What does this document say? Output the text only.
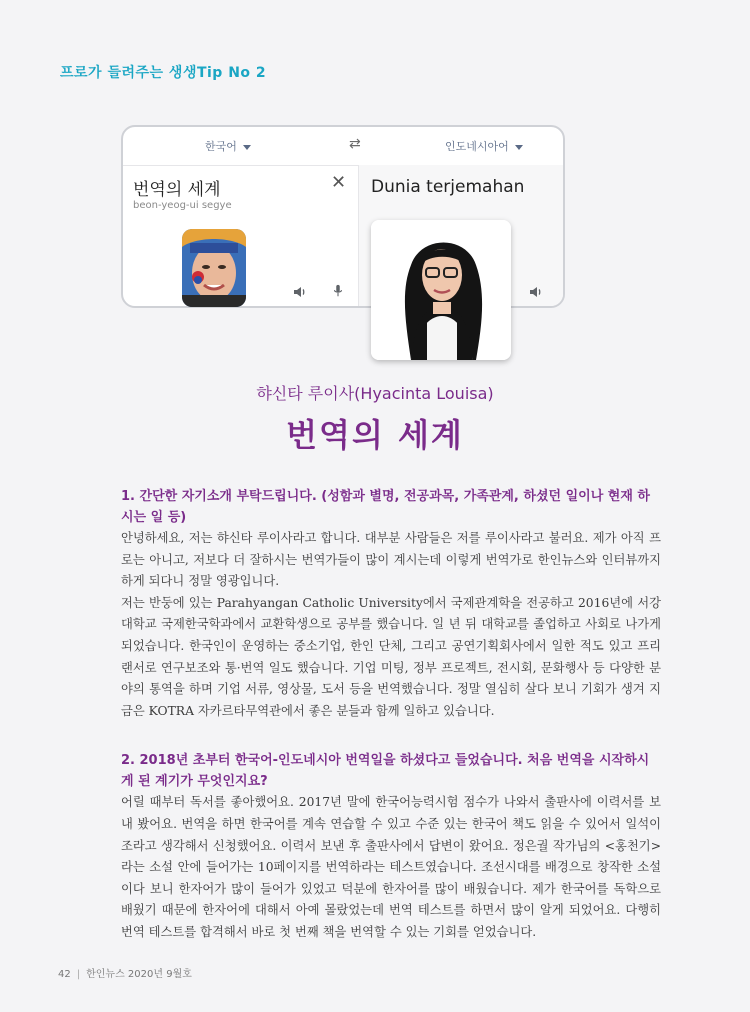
프로가 들려주는 생생Tip No 2
한국어	⇄	인도네시아어
번역의 세계
beon-yeog-ui segye
✕ Dunia terjemahan
햐신타 루이사(Hyacinta Louisa)
번역의 세계

1. 간단한 자기소개 부탁드립니다. (성함과 별명, 전공과목, 가족관계, 하셨던 일이나 현재 하시는 일 등)

안녕하세요, 저는 햐신타 루이사라고 합니다. 대부분 사람들은 저를 루이사라고 불러요. 제가 아직 프로는 아니고, 저보다 더 잘하시는 번역가들이 많이 계시는데 이렇게 번역가로 한인뉴스와 인터뷰까지 하게 되다니 정말 영광입니다.

저는 반둥에 있는 Parahyangan Catholic University에서 국제관계학을 전공하고 2016년에 서강대학교 국제한국학과에서 교환학생으로 공부를 했습니다. 일 년 뒤 대학교를 졸업하고 사회로 나가게 되었습니다. 한국인이 운영하는 중소기업, 한인 단체, 그리고 공연기획회사에서 일한 적도 있고 프리랜서로 연구보조와 통·번역 일도 했습니다. 기업 미팅, 정부 프로젝트, 전시회, 문화행사 등 다양한 분야의 통역을 하며 기업 서류, 영상물, 도서 등을 번역했습니다. 정말 열심히 살다 보니 기회가 생겨 지금은 KOTRA 자카르타무역관에서 좋은 분들과 함께 일하고 있습니다.

2. 2018년 초부터 한국어-인도네시아 번역일을 하셨다고 들었습니다. 처음 번역을 시작하시게 된 계기가 무엇인지요?

어릴 때부터 독서를 좋아했어요. 2017년 말에 한국어능력시험 점수가 나와서 출판사에 이력서를 보내 봤어요. 번역을 하면 한국어를 계속 연습할 수 있고 수준 있는 한국어 책도 읽을 수 있어서 일석이조라고 생각해서 신청했어요. 이력서 보낸 후 출판사에서 답변이 왔어요. 정은궐 작가님의 <홍천기>라는 소설 안에 들어가는 10페이지를 번역하라는 테스트였습니다. 조선시대를 배경으로 창작한 소설이다 보니 한자어가 많이 들어가 있었고 덕분에 한자어를 많이 배웠습니다. 제가 한국어를 독학으로 배웠기 때문에 한자어에 대해서 아예 몰랐었는데 번역 테스트를 하면서 많이 알게 되었어요. 다행히 번역 테스트를 합격해서 바로 첫 번째 책을 번역할 수 있는 기회를 얻었습니다.

42 | 한인뉴스 2020년 9월호
